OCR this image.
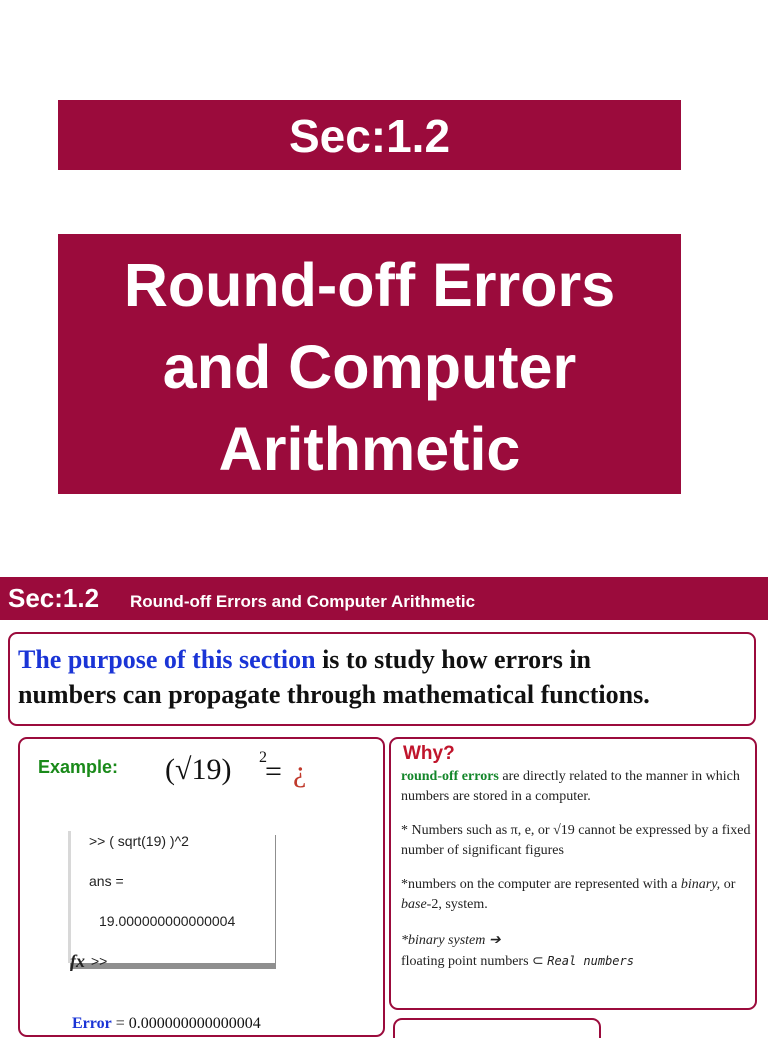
Sec:1.2
Round-off Errors
and Computer
Arithmetic
Sec:1.2 Round-off Errors and Computer Arithmetic
The purpose of this section is to study how errors in
numbers can propagate through mathematical functions.
Example: (√19) 2
= ¿
>> ( sqrt(19) )^2
ans =
19.000000000000004
>>
fx
Error = 0.000000000000004
Why?
round-off errors are directly related to the manner in which numbers are stored in a computer.
* Numbers such as π, e, or √19 cannot be expressed by a fixed number of significant figures
*numbers on the computer are represented with a binary, or base-2, system.
*binary system ➔
floating point numbers ⊂ Real numbers
